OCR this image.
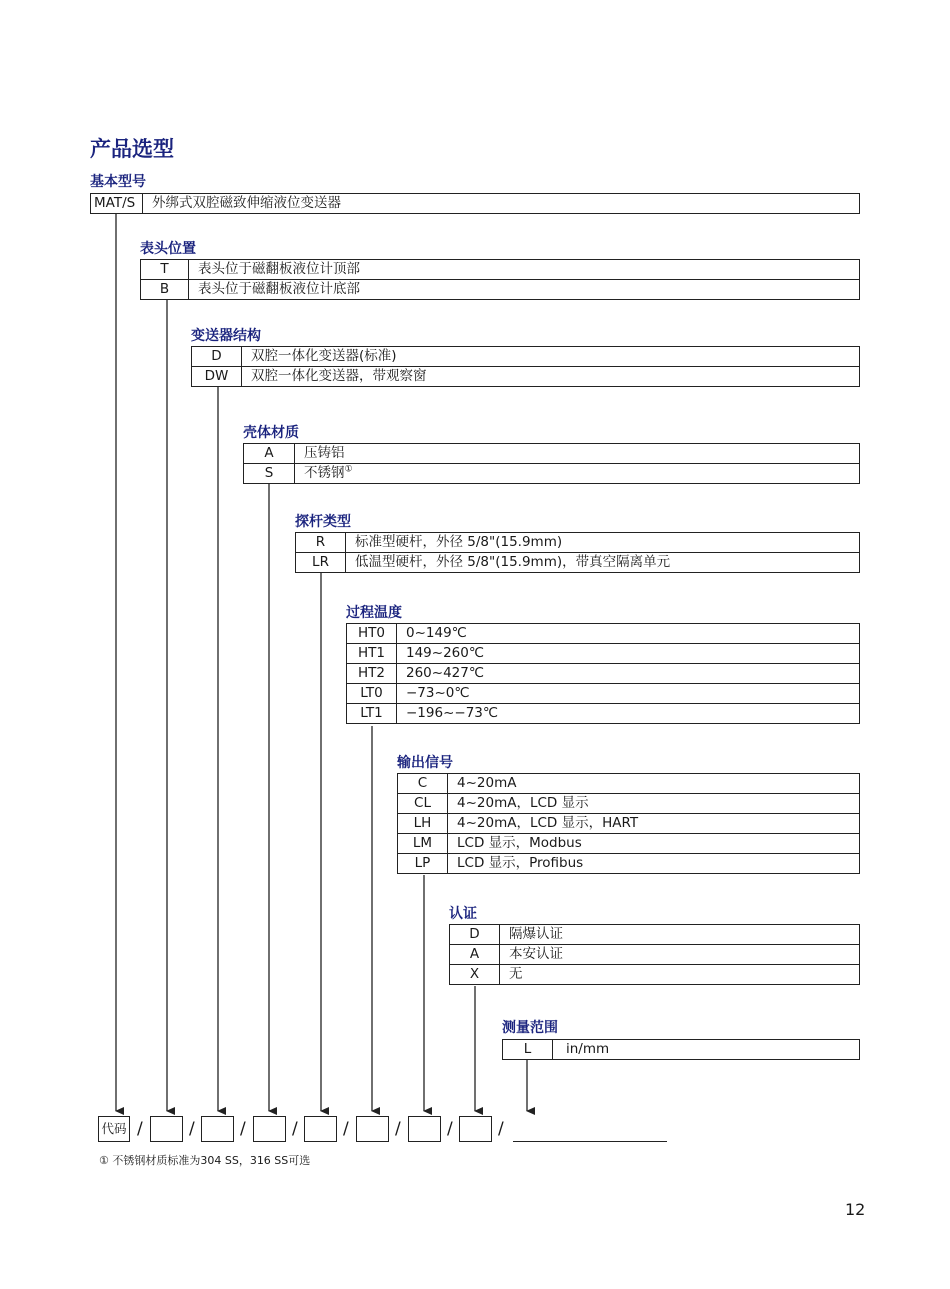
产品选型
基本型号
MAT/S	外绑式双腔磁致伸缩液位变送器
表头位置
T	表头位于磁翻板液位计顶部
B	表头位于磁翻板液位计底部
变送器结构
D	双腔一体化变送器(标准)
DW	双腔一体化变送器，带观察窗
壳体材质
A	压铸铝
S	不锈钢①
探杆类型
R	标准型硬杆，外径 5/8"(15.9mm)
LR	低温型硬杆，外径 5/8"(15.9mm)，带真空隔离单元
过程温度
HT0	0~149℃
HT1	149~260℃
HT2	260~427℃
LT0	−73~0℃
LT1	−196~−73℃
输出信号
C	4~20mA
CL	4~20mA，LCD 显示
LH	4~20mA，LCD 显示，HART
LM	LCD 显示，Modbus
LP	LCD 显示，Profibus
认证
D	隔爆认证
A	本安认证
X	无
测量范围
L	in/mm
代码 /	/	/	/	/	/	/	/
① 不锈钢材质标准为304 SS，316 SS可选
12
